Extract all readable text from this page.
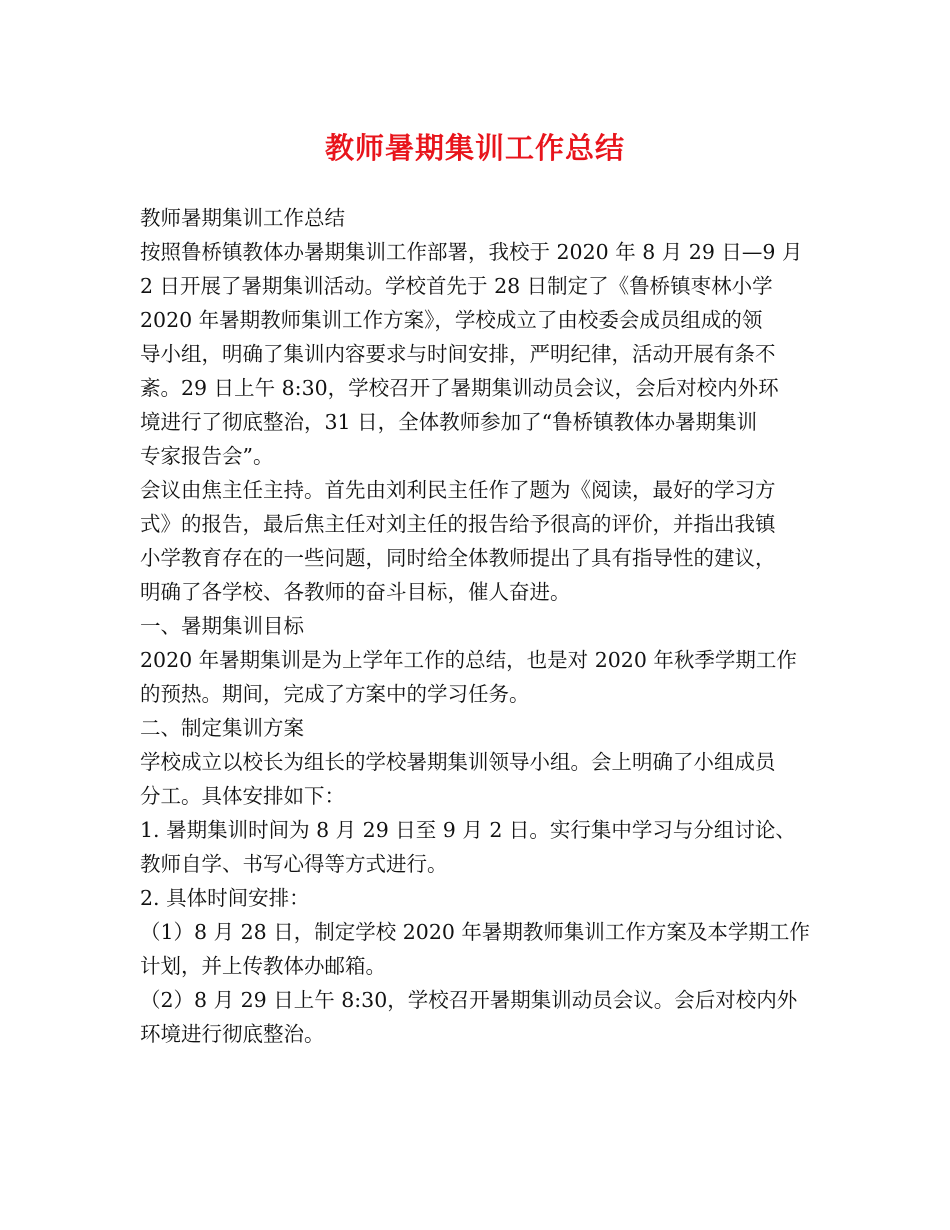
教师暑期集训工作总结
教师暑期集训工作总结
按照鲁桥镇教体办暑期集训工作部署，我校于 2020 年 8 月 29 日—9 月
2 日开展了暑期集训活动。学校首先于 28 日制定了《鲁桥镇枣林小学
2020 年暑期教师集训工作方案》，学校成立了由校委会成员组成的领
导小组，明确了集训内容要求与时间安排，严明纪律，活动开展有条不
紊。29 日上午 8:30，学校召开了暑期集训动员会议，会后对校内外环
境进行了彻底整治，31 日，全体教师参加了“鲁桥镇教体办暑期集训
专家报告会”。
会议由焦主任主持。首先由刘利民主任作了题为《阅读，最好的学习方
式》的报告，最后焦主任对刘主任的报告给予很高的评价，并指出我镇
小学教育存在的一些问题，同时给全体教师提出了具有指导性的建议，
明确了各学校、各教师的奋斗目标，催人奋进。
一、暑期集训目标
2020 年暑期集训是为上学年工作的总结，也是对 2020 年秋季学期工作
的预热。期间，完成了方案中的学习任务。
二、制定集训方案
学校成立以校长为组长的学校暑期集训领导小组。会上明确了小组成员
分工。具体安排如下：
1. 暑期集训时间为 8 月 29 日至 9 月 2 日。实行集中学习与分组讨论、
教师自学、书写心得等方式进行。
2. 具体时间安排：
（1）8 月 28 日，制定学校 2020 年暑期教师集训工作方案及本学期工作
计划，并上传教体办邮箱。
（2）8 月 29 日上午 8:30，学校召开暑期集训动员会议。会后对校内外
环境进行彻底整治。
